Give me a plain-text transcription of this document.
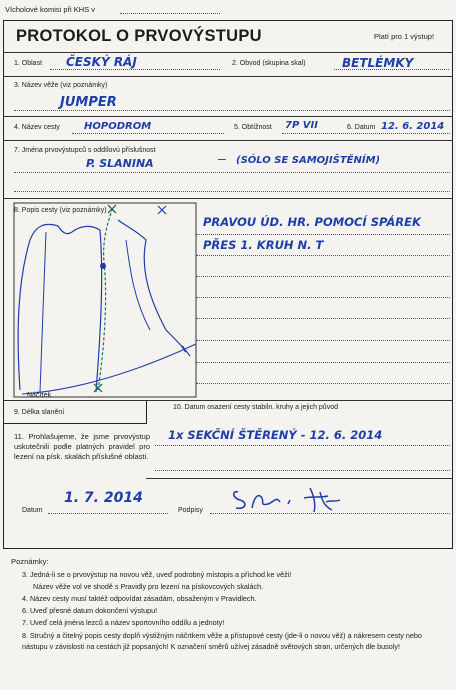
Vícholové komisi při KHS v
PROTOKOL O PRVOVÝSTUPU	Platí pro 1 výstup!
1. Oblast ČESKÝ RÁJ	2. Obvod (skupina skal)	BETLÉMKY
3. Název věže (viz poznámky)
JUMPER
4. Název cesty HOPODROM	5. Obtížnost 7P VII	6. Datum 12. 6. 2014
7. Jména prvovýstupců s oddílovú příslušnost
P. SLANINA	– (SÓLO SE SAMOJIŠTĚNÍM)
8. Popis cesty (viz poznámky)
PRAVOU ÚD. HR. POMOCÍ SPÁREK
PŘES 1. KRUH N. T
Náčrtek
9. Délka slanění
10. Datum osazení cesty stabiln. kruhy a jejich původ
1x SEKČNÍ ŠTĚRENÝ - 12. 6. 2014
11. Prohlašujeme, že jsme prvovýstup uskutečnili podle platných pravidel pro lezení na písk. skalách příslušné oblasti.
Datum
1. 7. 2014
Podpisy
Poznámky:
3. Jedná-li se o prvovýstup na novou věž, uveď podrobný místopis a příchod ke věži!
Název věže vol ve shodě s Pravidly pro lezení na pískovcových skalách.
4. Název cesty musí taktéž odpovídat zásadám, obsaženým v Pravidlech.
6. Uveď přesné datum dokončení výstupu!
7. Uveď celá jména lezců a název sportovního oddílu a jednoty!
8. Stručný a čitelný popis cesty doplň výstižným náčrtkem věže a přístupové cesty (jde-li o novou věž) a nákresem cesty nebo nástupu v závislosti na cestách již popsaných! K označení směrů užívej zásadně světových stran, určených dle busoly!
